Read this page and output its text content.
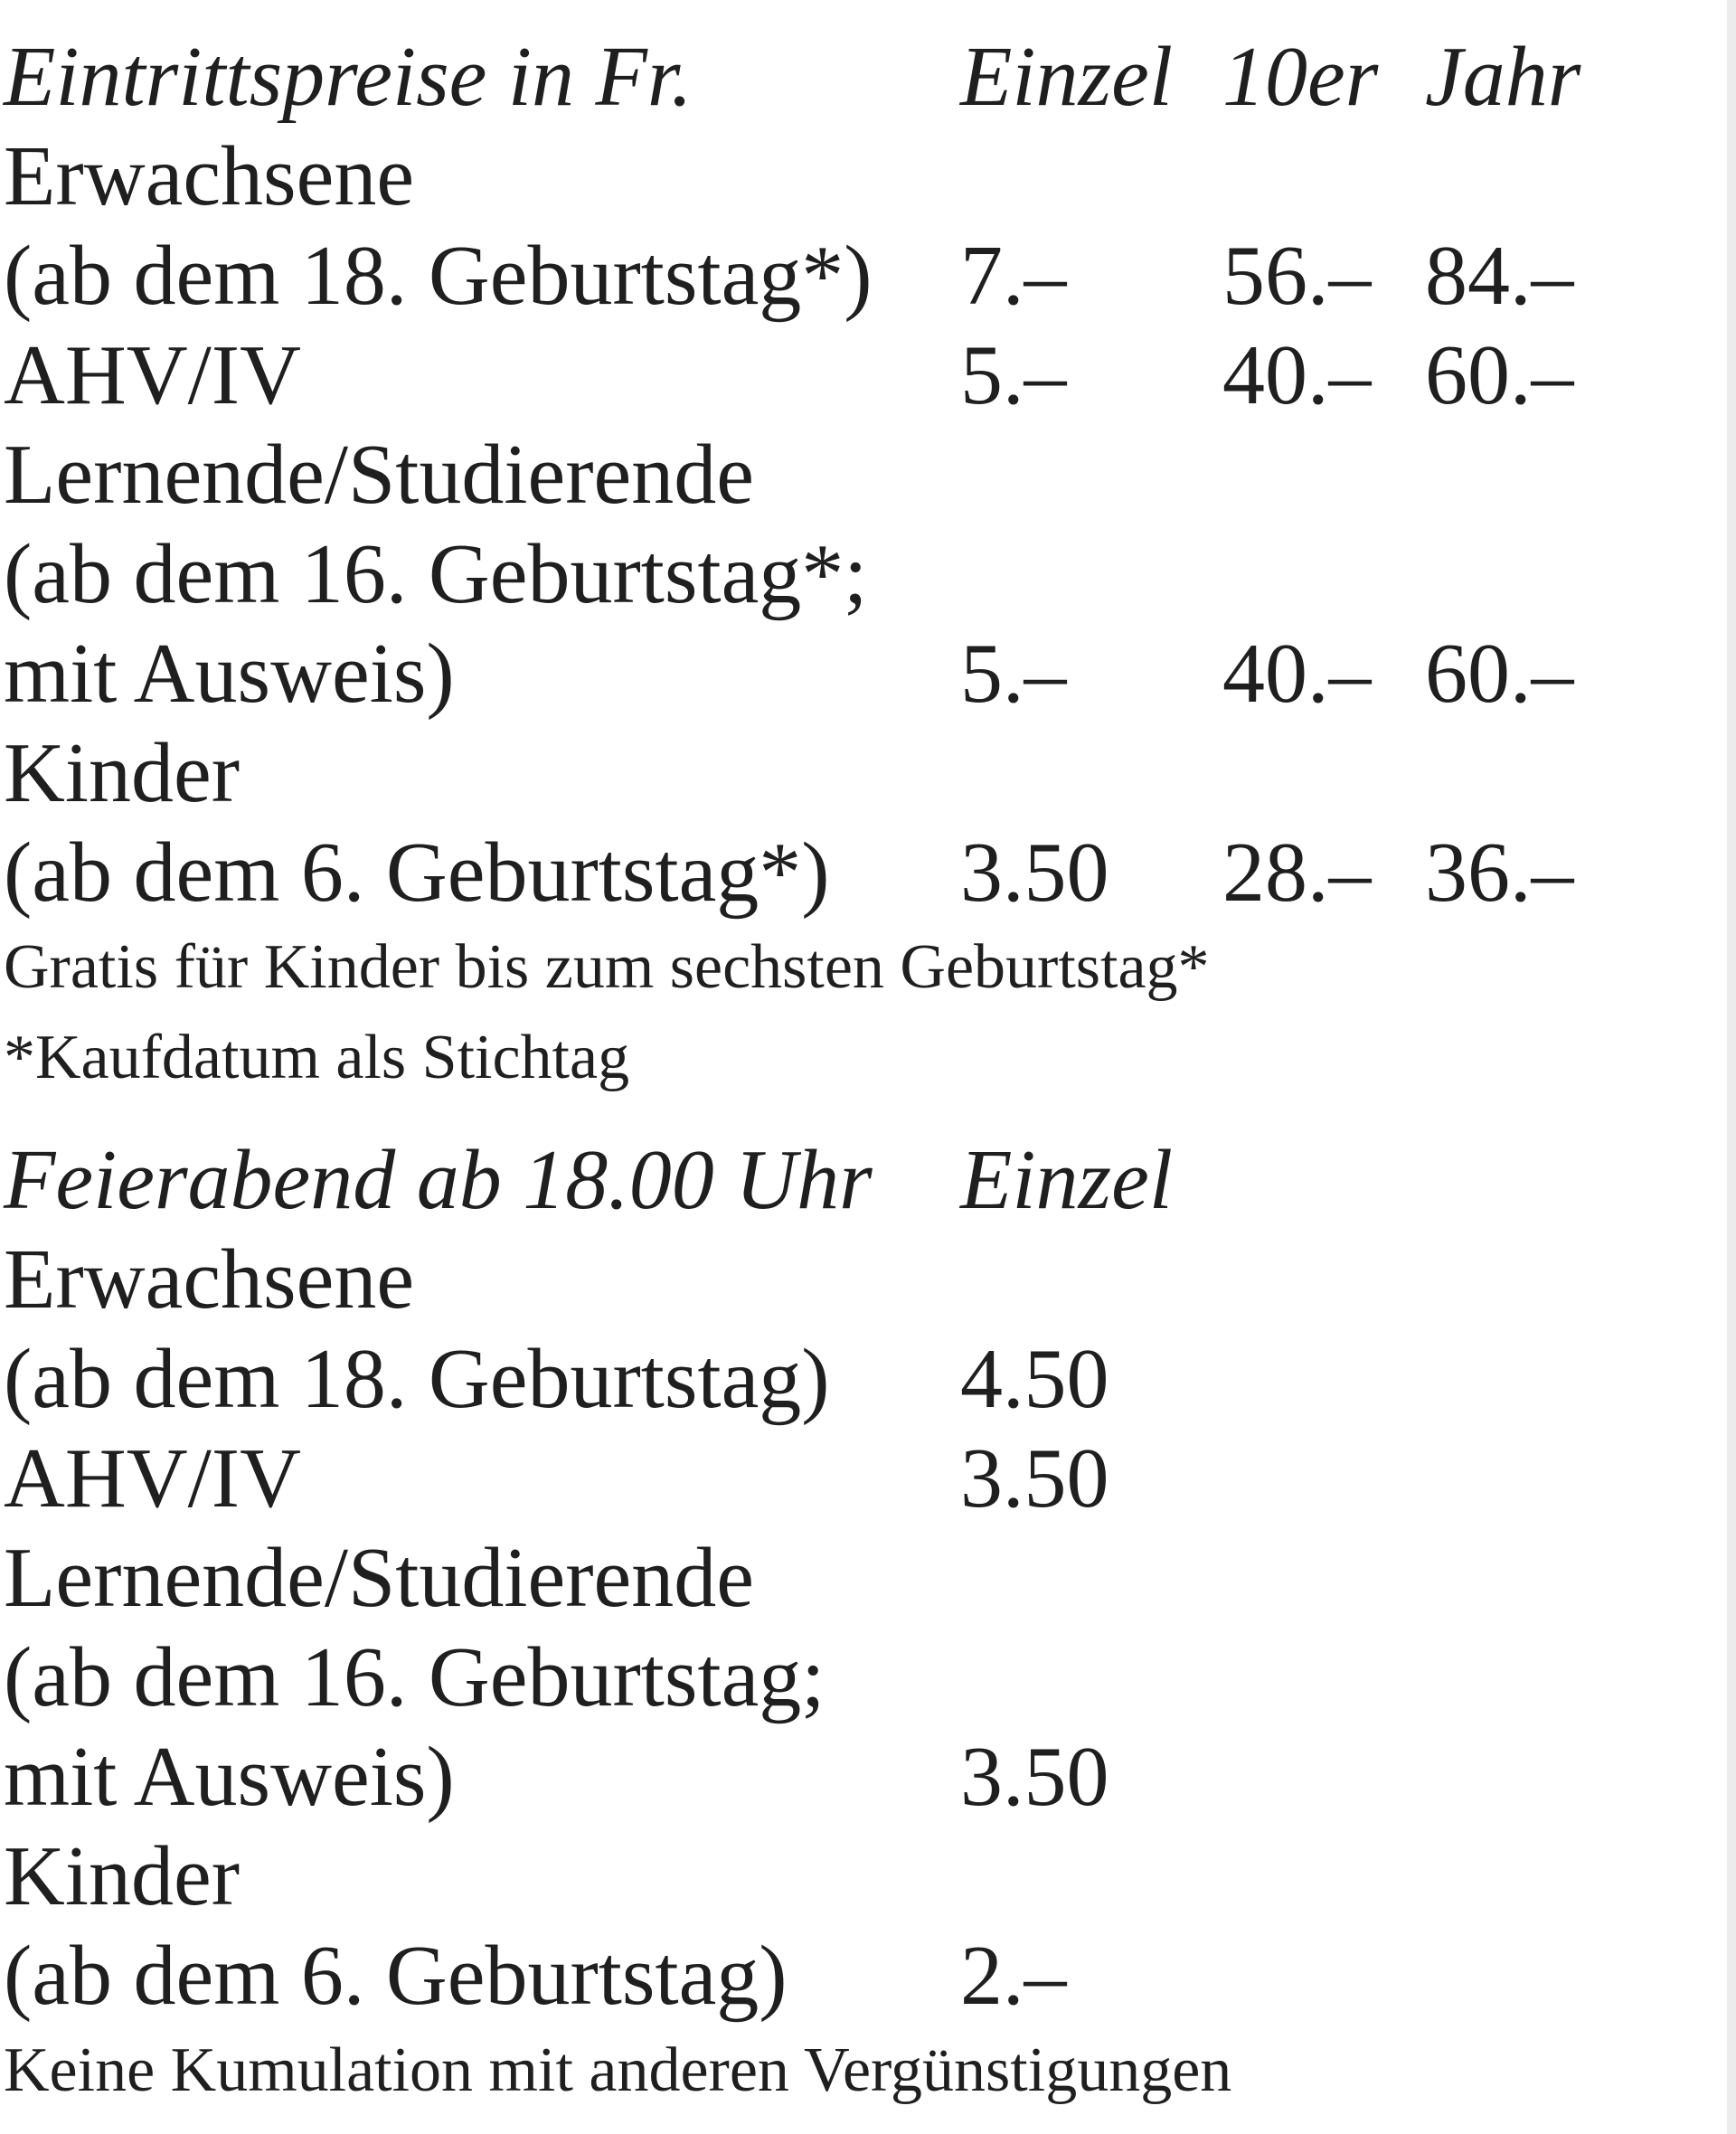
Eintrittspreise in Fr.	Einzel 10er Jahr
Erwachsene
(ab dem 18. Geburtstag*) 7.– 56.– 84.–
AHV/IV	5.– 40.– 60.–
Lernende/Studierende
(ab dem 16. Geburtstag*;
mit Ausweis)	5.– 40.– 60.–
Kinder
(ab dem 6. Geburtstag*) 3.50 28.– 36.–
Gratis für Kinder bis zum sechsten Geburtstag*
*Kaufdatum als Stichtag
Feierabend ab 18.00 Uhr Einzel
Erwachsene
(ab dem 18. Geburtstag) 4.50
AHV/IV	3.50
Lernende/Studierende
(ab dem 16. Geburtstag;
mit Ausweis)	3.50
Kinder
(ab dem 6. Geburtstag) 2.–
Keine Kumulation mit anderen Vergünstigungen
